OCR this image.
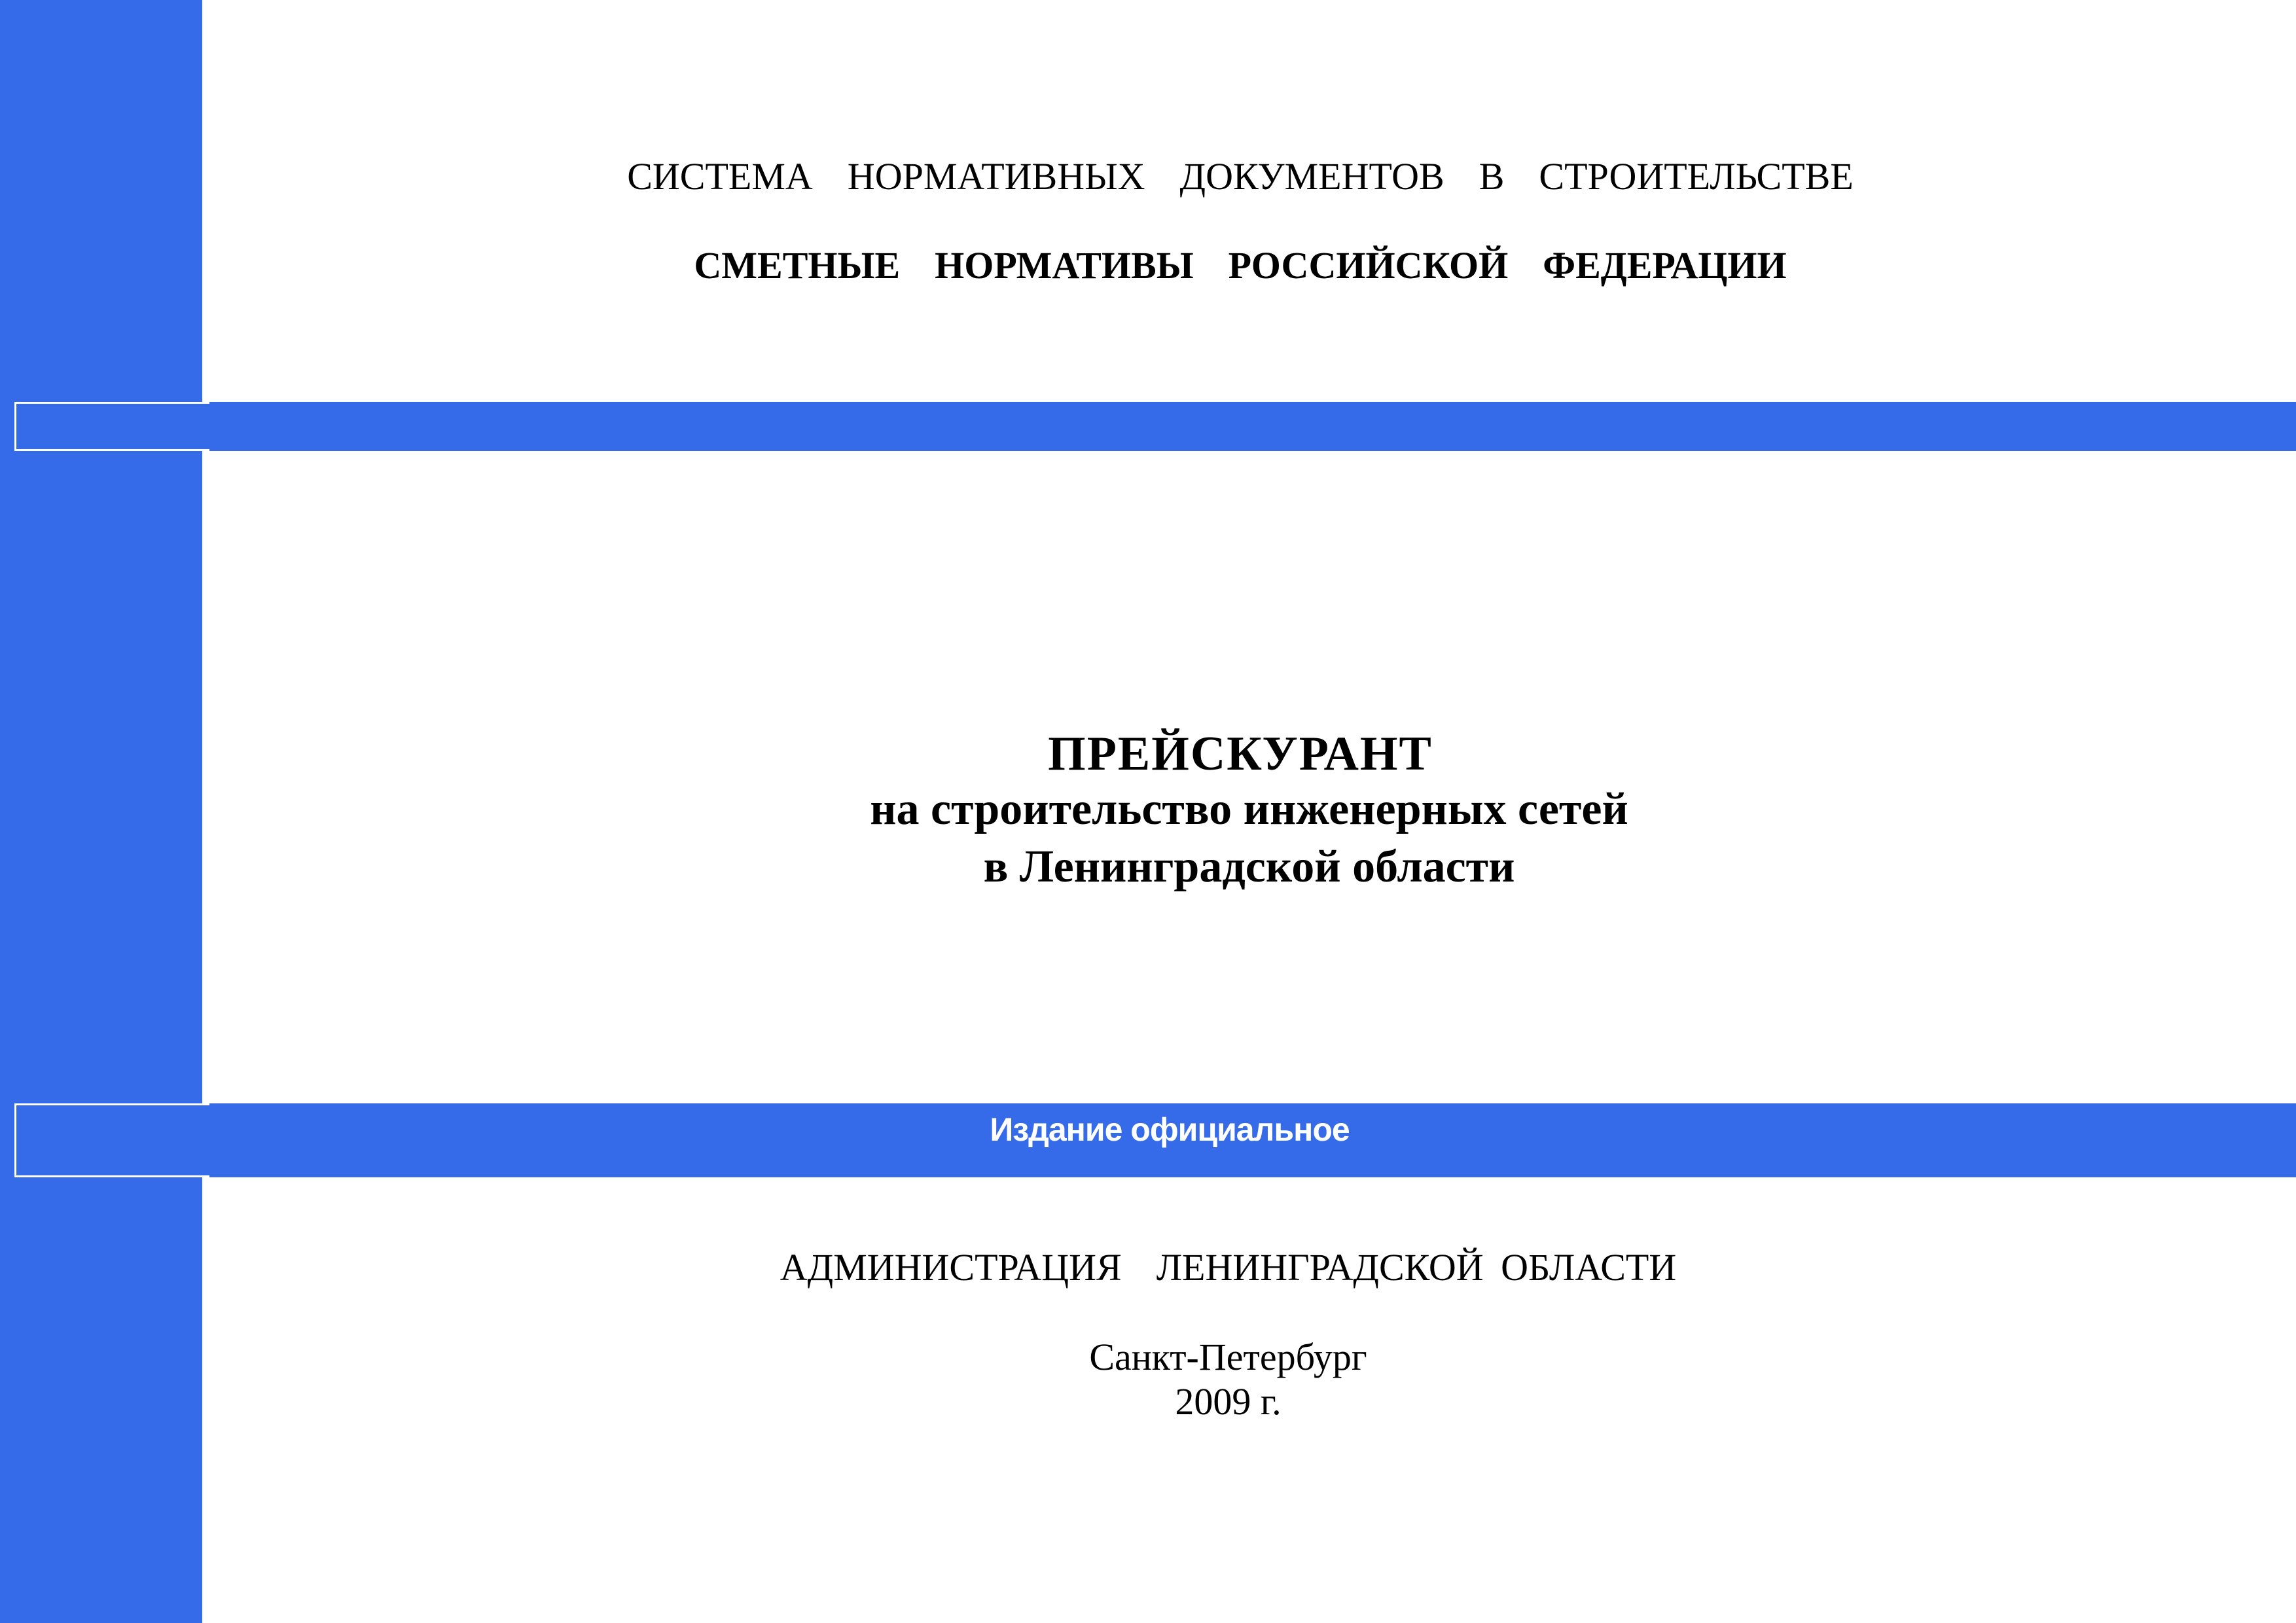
Издание официальное
СИСТЕМА  НОРМАТИВНЫХ  ДОКУМЕНТОВ  В  СТРОИТЕЛЬСТВЕ
СМЕТНЫЕ  НОРМАТИВЫ  РОССИЙСКОЙ  ФЕДЕРАЦИИ
ПРЕЙСКУРАНТ
на строительство инженерных сетей
в Ленинградской области
АДМИНИСТРАЦИЯ  ЛЕНИНГРАДСКОЙ ОБЛАСТИ
Санкт-Петербург
2009 г.
